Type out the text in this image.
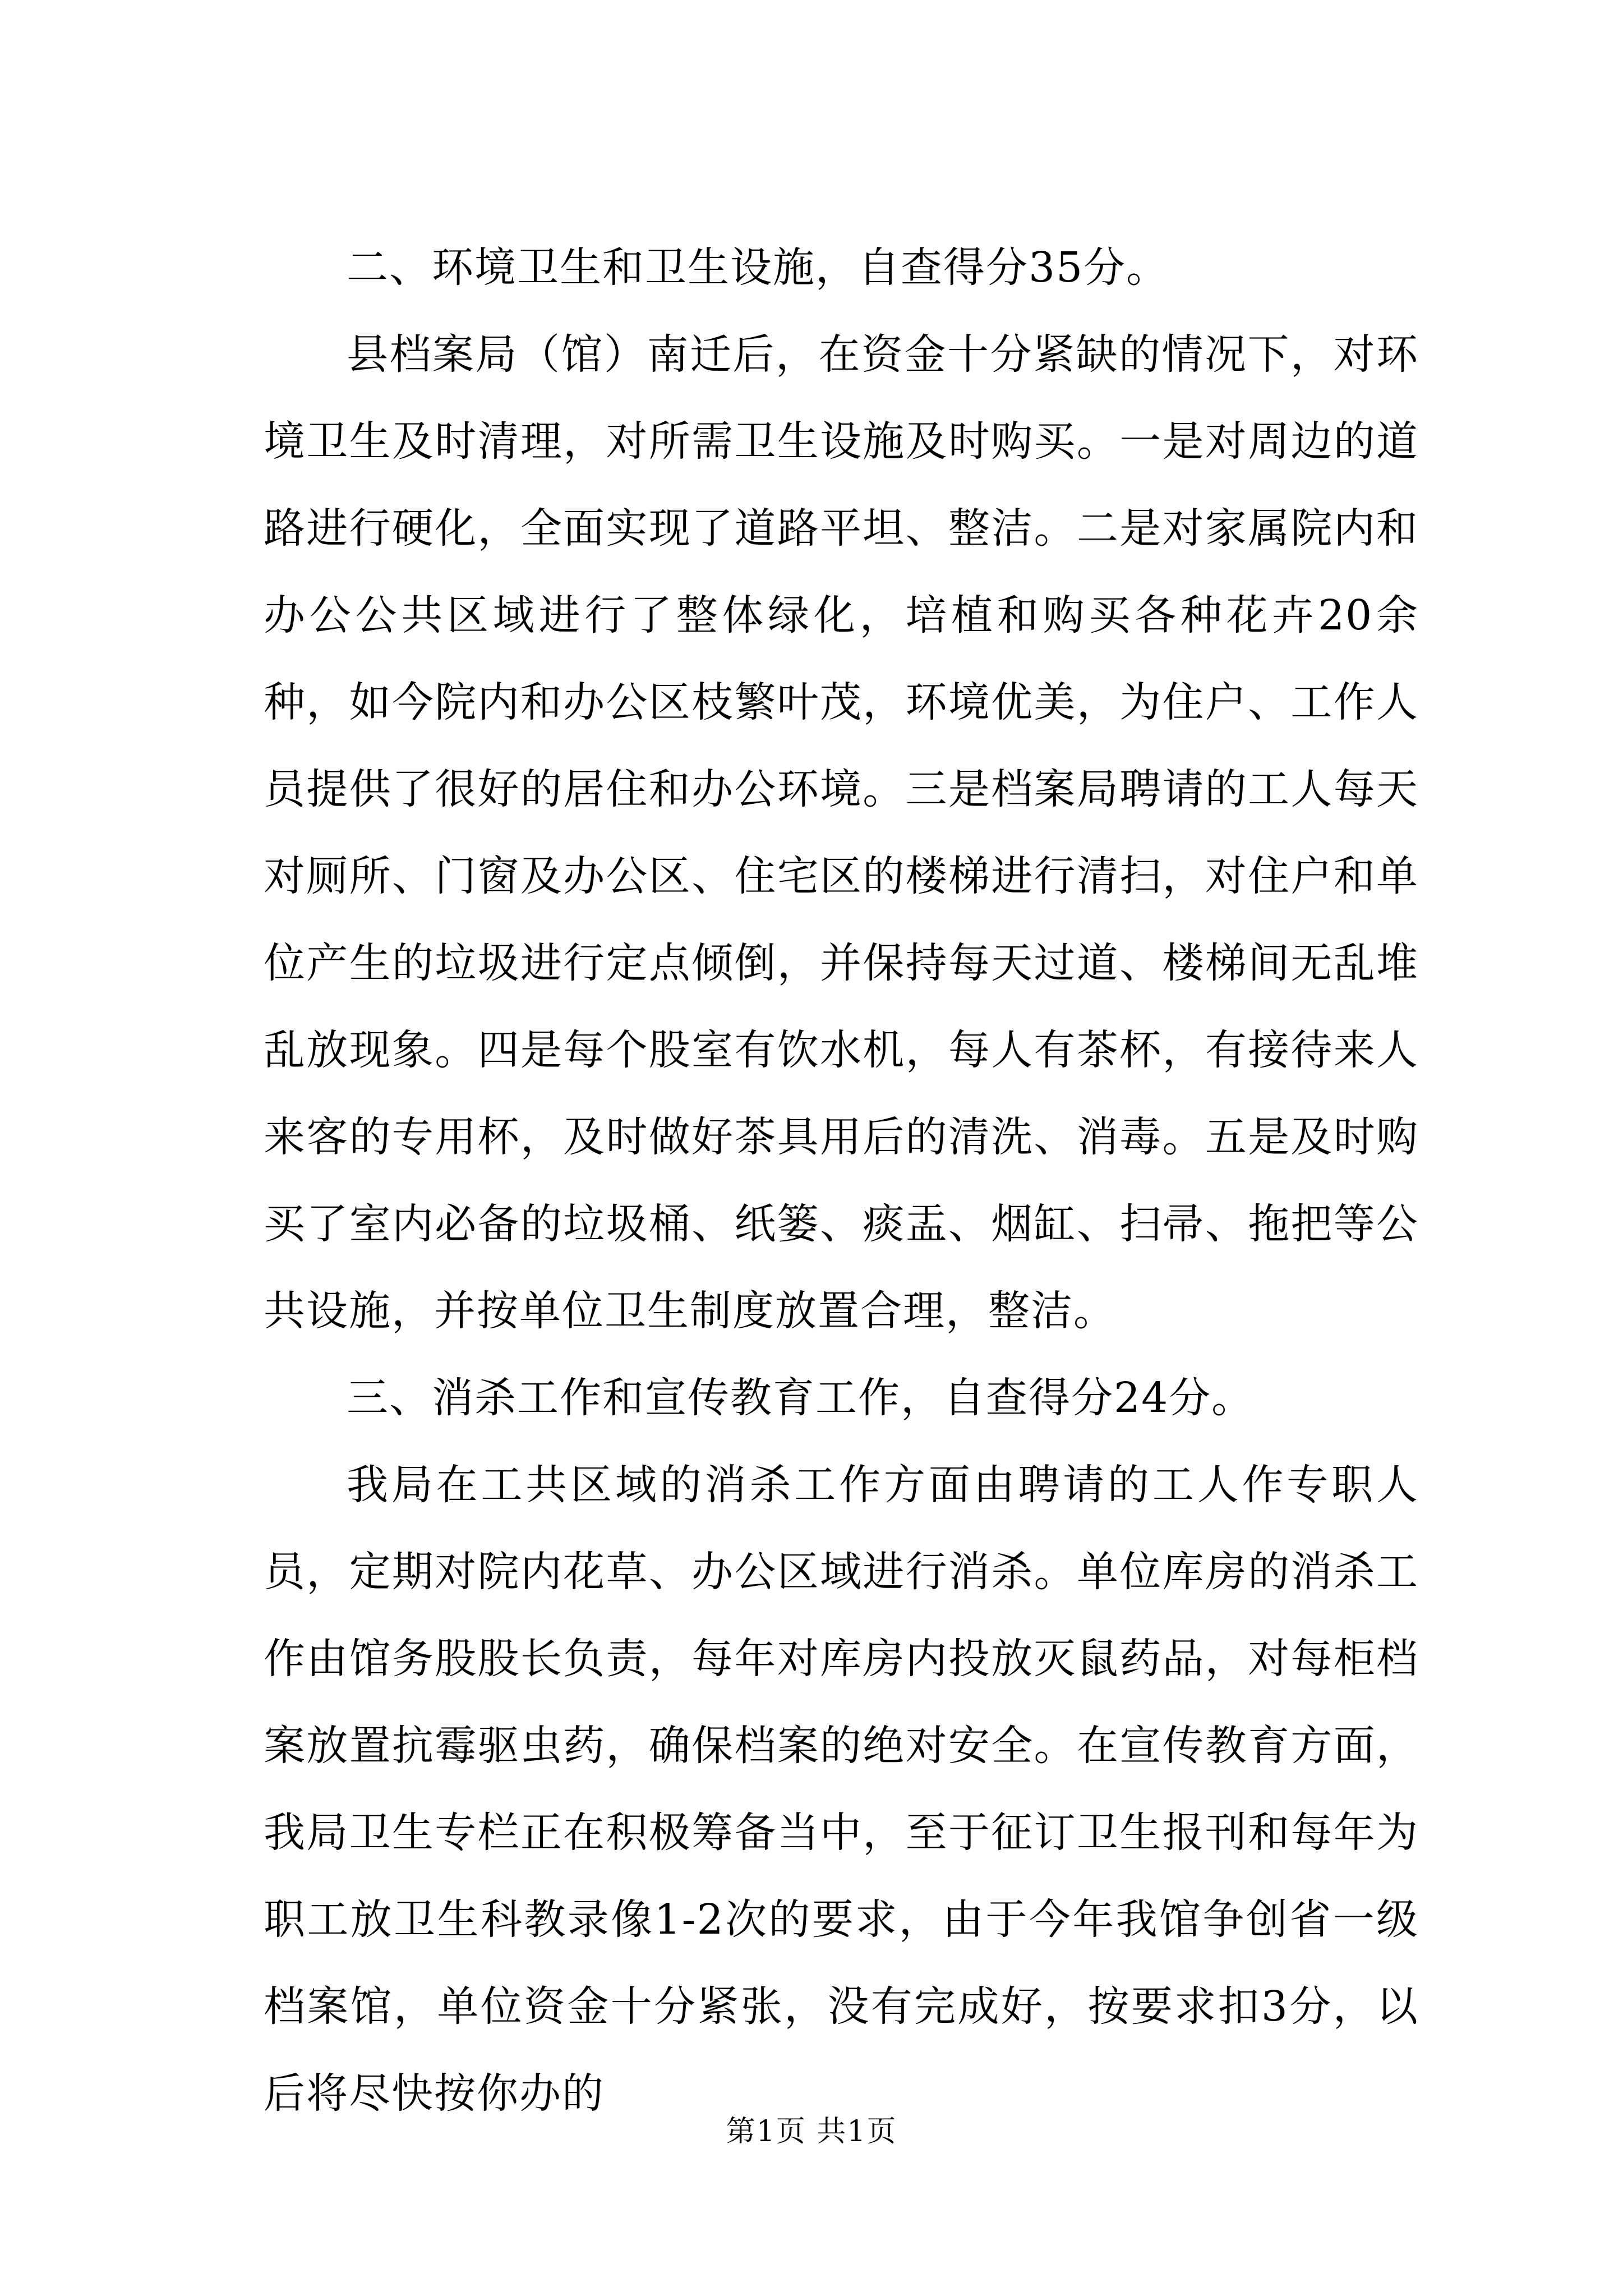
二、环境卫生和卫生设施，自查得分35分。

县档案局（馆）南迁后，在资金十分紧缺的情况下，对环境卫生及时清理，对所需卫生设施及时购买。一是对周边的道路进行硬化，全面实现了道路平坦、整洁。二是对家属院内和办公公共区域进行了整体绿化，培植和购买各种花卉20余种，如今院内和办公区枝繁叶茂，环境优美，为住户、工作人员提供了很好的居住和办公环境。三是档案局聘请的工人每天对厕所、门窗及办公区、住宅区的楼梯进行清扫，对住户和单位产生的垃圾进行定点倾倒，并保持每天过道、楼梯间无乱堆乱放现象。四是每个股室有饮水机，每人有茶杯，有接待来人来客的专用杯，及时做好茶具用后的清洗、消毒。五是及时购买了室内必备的垃圾桶、纸篓、痰盂、烟缸、扫帚、拖把等公共设施，并按单位卫生制度放置合理，整洁。

三、消杀工作和宣传教育工作，自查得分24分。

我局在工共区域的消杀工作方面由聘请的工人作专职人员，定期对院内花草、办公区域进行消杀。单位库房的消杀工作由馆务股股长负责，每年对库房内投放灭鼠药品，对每柜档案放置抗霉驱虫药，确保档案的绝对安全。在宣传教育方面，我局卫生专栏正在积极筹备当中，至于征订卫生报刊和每年为职工放卫生科教录像1-2次的要求，由于今年我馆争创省一级档案馆，单位资金十分紧张，没有完成好，按要求扣3分，以后将尽快按你办的

第1页 共1页
